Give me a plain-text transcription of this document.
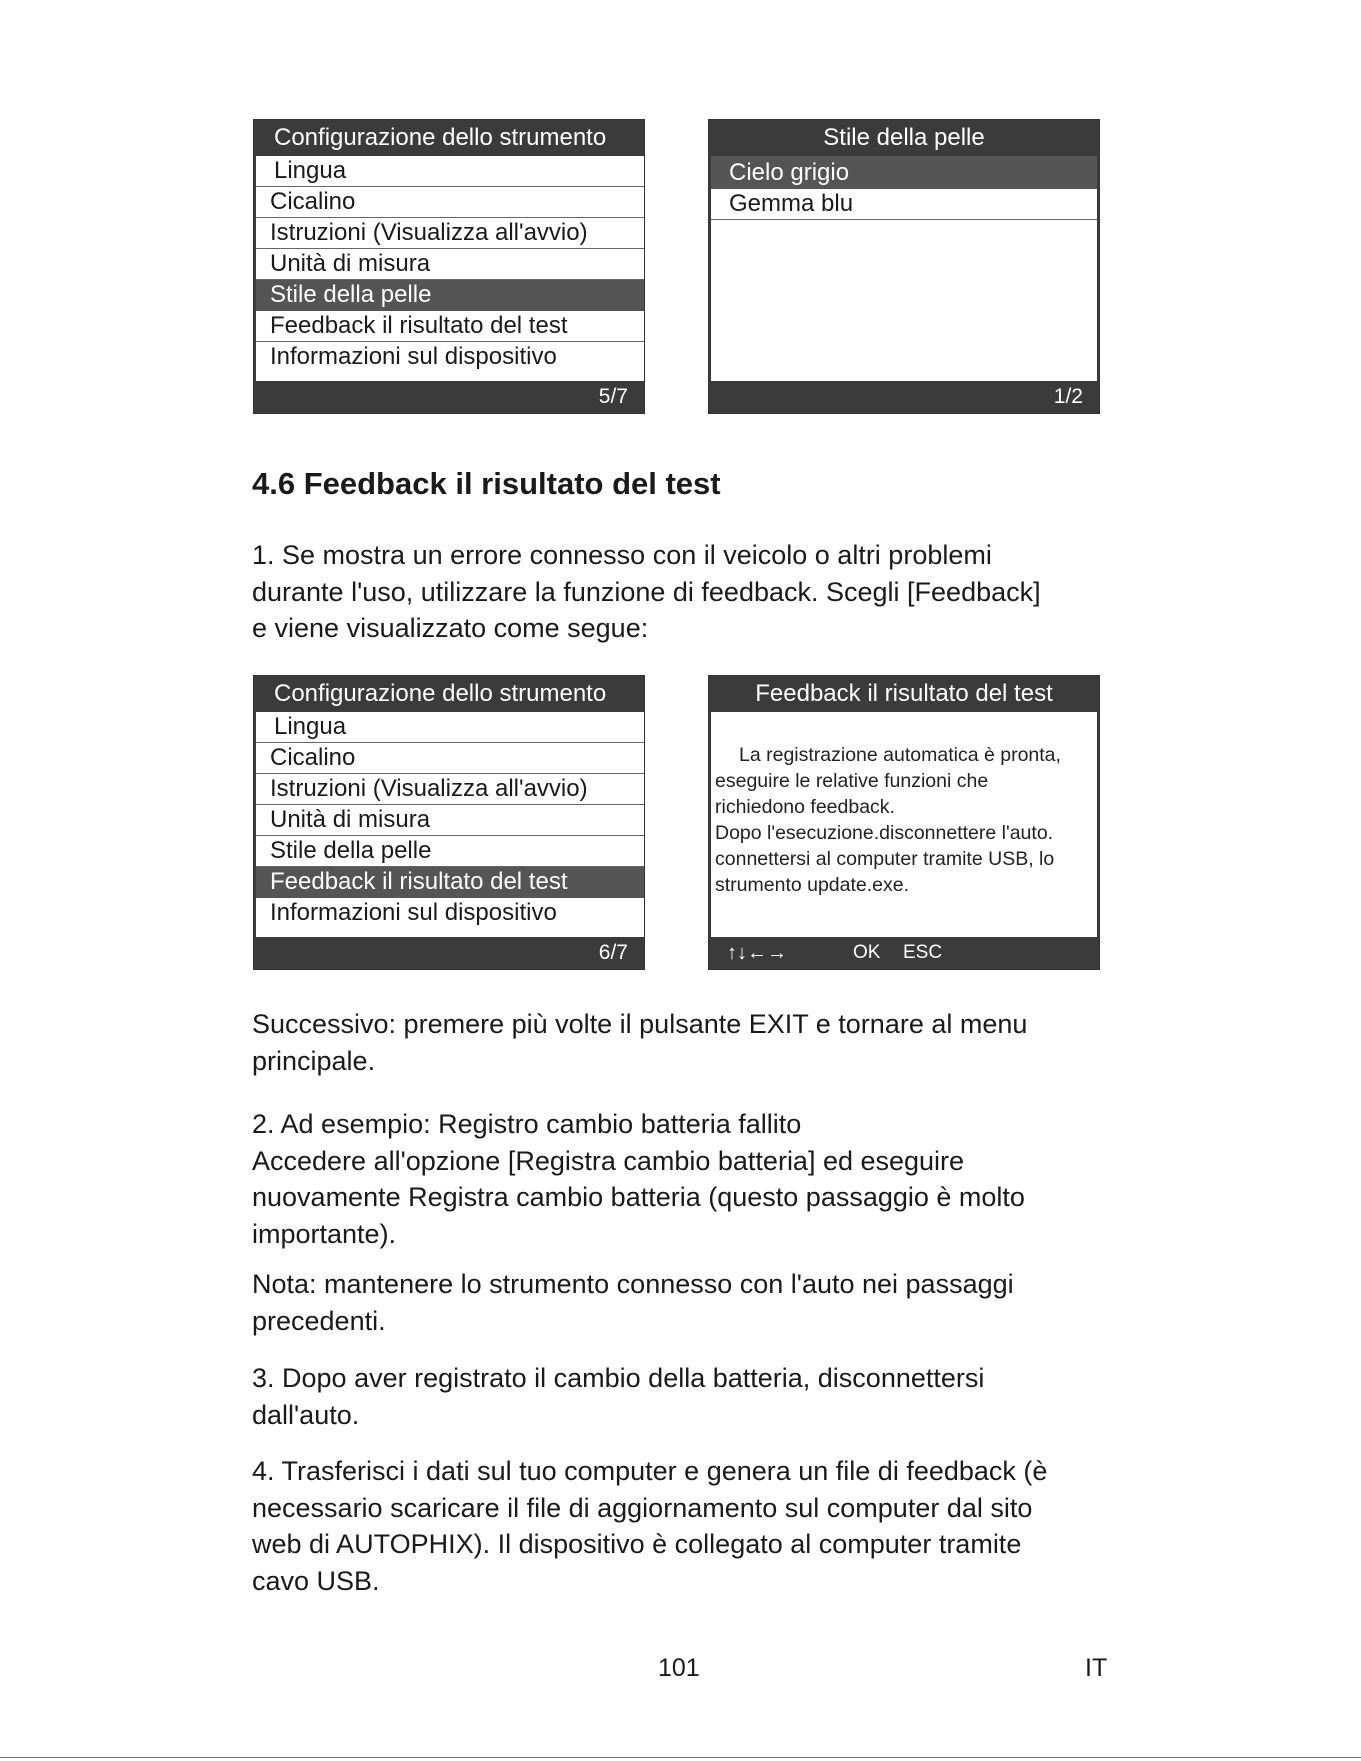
Configurazione dello strumento
Lingua
Cicalino
Istruzioni (Visualizza all'avvio)
Unità di misura
Stile della pelle
Feedback il risultato del test
Informazioni sul dispositivo
5/7
Stile della pelle
Cielo grigio
Gemma blu
1/2
4.6 Feedback il risultato del test
1. Se mostra un errore connesso con il veicolo o altri problemi
durante l'uso, utilizzare la funzione di feedback. Scegli [Feedback]
e viene visualizzato come segue:
Configurazione dello strumento
Lingua
Cicalino
Istruzioni (Visualizza all'avvio)
Unità di misura
Stile della pelle
Feedback il risultato del test
Informazioni sul dispositivo
6/7
Feedback il risultato del test
La registrazione automatica è pronta,
eseguire le relative funzioni che
richiedono feedback.
Dopo l'esecuzione.disconnettere l'auto.
connettersi al computer tramite USB, lo
strumento update.exe.
↑↓←→	OK ESC
Successivo: premere più volte il pulsante EXIT e tornare al menu
principale.
2. Ad esempio: Registro cambio batteria fallito
Accedere all'opzione [Registra cambio batteria] ed eseguire
nuovamente Registra cambio batteria (questo passaggio è molto
importante).
Nota: mantenere lo strumento connesso con l'auto nei passaggi
precedenti.
3. Dopo aver registrato il cambio della batteria, disconnettersi
dall'auto.
4. Trasferisci i dati sul tuo computer e genera un file di feedback (è
necessario scaricare il file di aggiornamento sul computer dal sito
web di AUTOPHIX). Il dispositivo è collegato al computer tramite
cavo USB.
101	IT
